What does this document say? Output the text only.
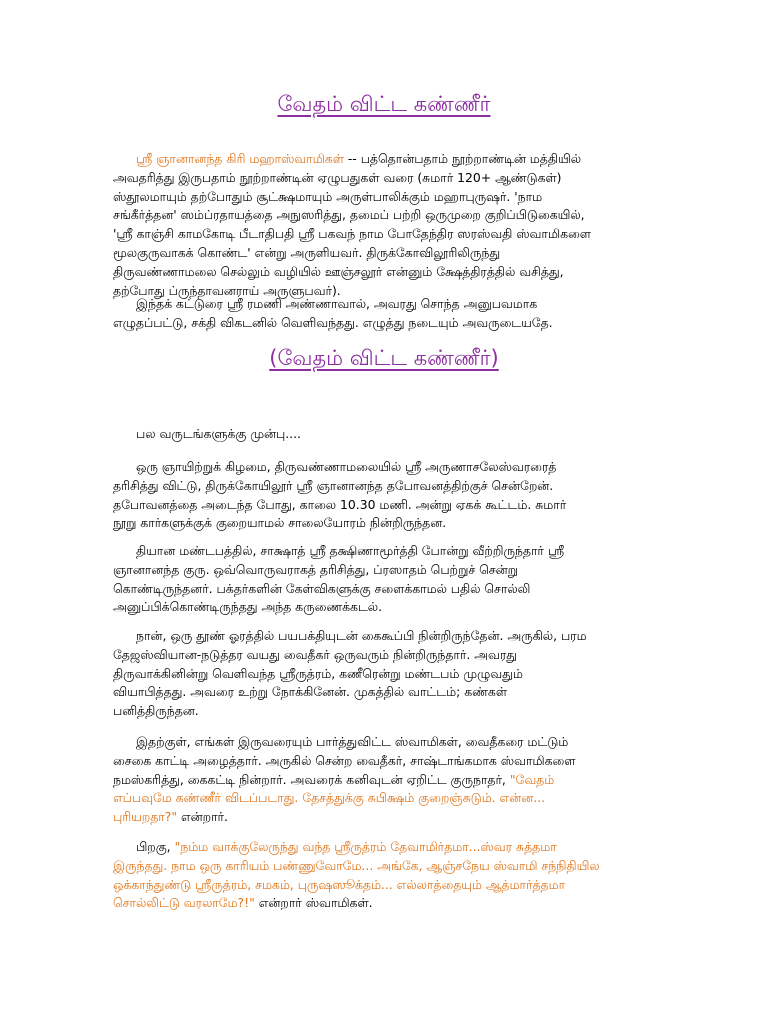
வேதம் விட்ட கண்ணீர்
ஸ்ரீ ஞானானந்த கிரி மஹாஸ்வாமிகள் -- பத்தொன்பதாம் நூற்றாண்டின் மத்தியில்
அவதரித்து இருபதாம் நூற்றாண்டின் ஏழுபதுகள் வரை (சுமார் 120+ ஆண்டுகள்)
ஸ்தூலமாயும் தற்போதும் சூட்க்ஷமாயும் அருள்பாலிக்கும் மஹாபுருஷர். 'நாம
சங்கீர்த்தன' ஸம்ப்ரதாயத்தை அநுஸரித்து, தமைப் பற்றி ஒருமுறை குறிப்பிடுகையில்,
'ஸ்ரீ காஞ்சி காமகோடி பீடாதிபதி ஸ்ரீ பகவந் நாம போதேந்திர ஸரஸ்வதி ஸ்வாமிகளை
மூலகுருவாகக் கொண்ட' என்று அருளியவர். திருக்கோவிலூரிலிருந்து
திருவண்ணாமலை செல்லும் வழியில் ஊஞ்சலூர் என்னும் க்ஷேத்திரத்தில் வசித்து,
தற்போது ப்ருந்தாவனராய் அருளுபவர்).
இந்தக் கட்டுரை ஸ்ரீ ரமணி அண்ணாவால், அவரது சொந்த அனுபவமாக
எழுதப்பட்டு, சக்தி விகடனில் வெளிவந்தது. எழுத்து நடையும் அவருடையதே.
(வேதம் விட்ட கண்ணீர்)
பல வருடங்களுக்கு முன்பு....
ஒரு ஞாயிற்றுக் கிழமை, திருவண்ணாமலையில் ஸ்ரீ அருணாசலேஸ்வரரைத்
தரிசித்து விட்டு, திருக்கோயிலூர் ஸ்ரீ ஞானானந்த தபோவனத்திற்குச் சென்றேன்.
தபோவனத்தை அடைந்த போது, காலை 10.30 மணி. அன்று ஏகக் கூட்டம். சுமார்
நூறு கார்களுக்குக் குறையாமல் சாலையோரம் நின்றிருந்தன.
தியான மண்டபத்தில், சாக்ஷாத் ஸ்ரீ தக்ஷிணாமூர்த்தி போன்று வீற்றிருந்தார் ஸ்ரீ
ஞானானந்த குரு. ஒவ்வொருவராகத் தரிசித்து, ப்ரஸாதம் பெற்றுச் சென்று
கொண்டிருந்தனர். பக்தர்களின் கேள்விகளுக்கு சளைக்காமல் பதில் சொல்லி
அனுப்பிக்கொண்டிருந்தது அந்த கருணைக்கடல்.
நான், ஒரு தூண் ஓரத்தில் பயபக்தியுடன் கைகூப்பி நின்றிருந்தேன். அருகில், பரம
தேஜஸ்வியான-நடுத்தர வயது வைதீகர் ஒருவரும் நின்றிருந்தார். அவரது
திருவாக்கினின்று வெளிவந்த ஸ்ரீருத்ரம், கணீரென்று மண்டபம் முழுவதும்
வியாபித்தது. அவரை உற்று நோக்கினேன். முகத்தில் வாட்டம்; கண்கள்
பனித்திருந்தன.
இதற்குள், எங்கள் இருவரையும் பார்த்துவிட்ட ஸ்வாமிகள், வைதீகரை மட்டும்
சைகை காட்டி அழைத்தார். அருகில் சென்ற வைதீகர், சாஷ்டாங்கமாக ஸ்வாமிகளை
நமஸ்கரித்து, கைகட்டி நின்றார். அவரைக் கனிவுடன் ஏறிட்ட குருநாதர், "வேதம்
எப்பவுமே கண்ணீர் விடப்படாது. தேசத்துக்கு சுபிக்ஷம் குறைஞ்சுடும். என்ன...
புரியறதா?" என்றார்.
பிறகு, "நம்ம வாக்குலேருந்து வந்த ஸ்ரீருத்ரம் தேவாமிர்தமா...ஸ்வர சுத்தமா
இருந்தது. நாம ஒரு காரியம் பண்ணுவோமே... அங்கே, ஆஞ்சநேய ஸ்வாமி சந்நிதியில
ஒக்காந்துண்டு ஸ்ரீருத்ரம், சமகம், புருஷஸூக்தம்... எல்லாத்தையும் ஆத்மார்த்தமா
சொல்லிட்டு வரலாமே?!" என்றார் ஸ்வாமிகள்.
